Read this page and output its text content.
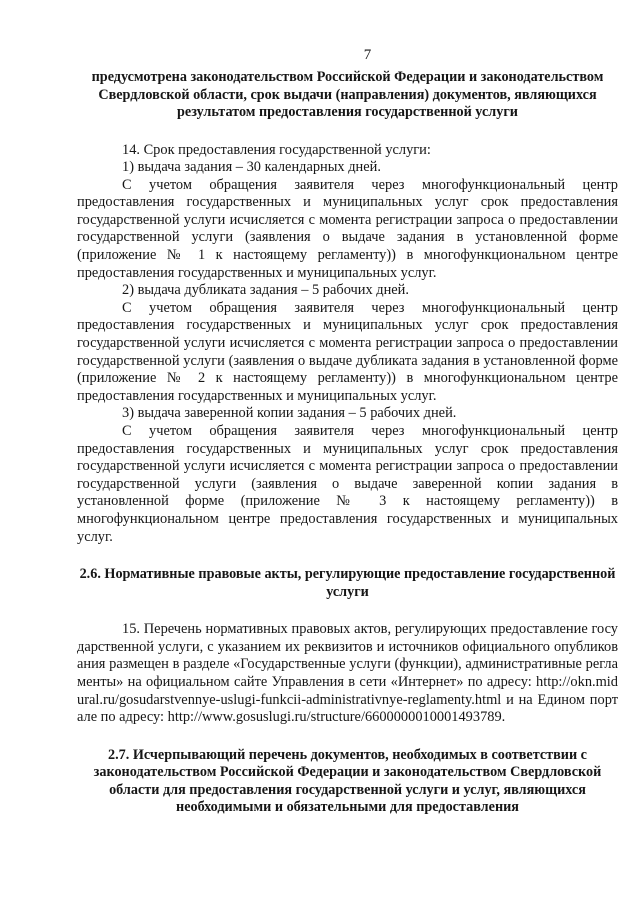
7

предусмотрена законодательством Российской Федерации и законодательством Свердловской области, срок выдачи (направления) документов, являющихся результатом предоставления государственной услуги

14. Срок предоставления государственной услуги:

1) выдача задания – 30 календарных дней.

С учетом обращения заявителя через многофункциональный центр предоставления государственных и муниципальных услуг срок предоставления государственной услуги исчисляется с момента регистрации запроса о предоставлении государственной услуги (заявления о выдаче задания в установленной форме (приложение № 1 к настоящему регламенту)) в многофункциональном центре предоставления государственных и муниципальных услуг.

2) выдача дубликата задания – 5 рабочих дней.

С учетом обращения заявителя через многофункциональный центр предоставления государственных и муниципальных услуг срок предоставления государственной услуги исчисляется с момента регистрации запроса о предоставлении государственной услуги (заявления о выдаче дубликата задания в установленной форме (приложение № 2 к настоящему регламенту)) в многофункциональном центре предоставления государственных и муниципальных услуг.

3) выдача заверенной копии задания – 5 рабочих дней.

С учетом обращения заявителя через многофункциональный центр предоставления государственных и муниципальных услуг срок предоставления государственной услуги исчисляется с момента регистрации запроса о предоставлении государственной услуги (заявления о выдаче заверенной копии задания в установленной форме (приложение № 3 к настоящему регламенту)) в многофункциональном центре предоставления государственных и муниципальных услуг.

2.6. Нормативные правовые акты, регулирующие предоставление государственной услуги

15. Перечень нормативных правовых актов, регулирующих предоставление государственной услуги, с указанием их реквизитов и источников официального опубликования размещен в разделе «Государственные услуги (функции), административные регламенты» на официальном сайте Управления в сети «Интернет» по адресу: http://okn.midural.ru/gosudarstvennye-uslugi-funkcii-administrativnye-reglamenty.html и на Едином портале по адресу: http://www.gosuslugi.ru/structure/6600000010001493789.

2.7. Исчерпывающий перечень документов, необходимых в соответствии с законодательством Российской Федерации и законодательством Свердловской области для предоставления государственной услуги и услуг, являющихся необходимыми и обязательными для предоставления
